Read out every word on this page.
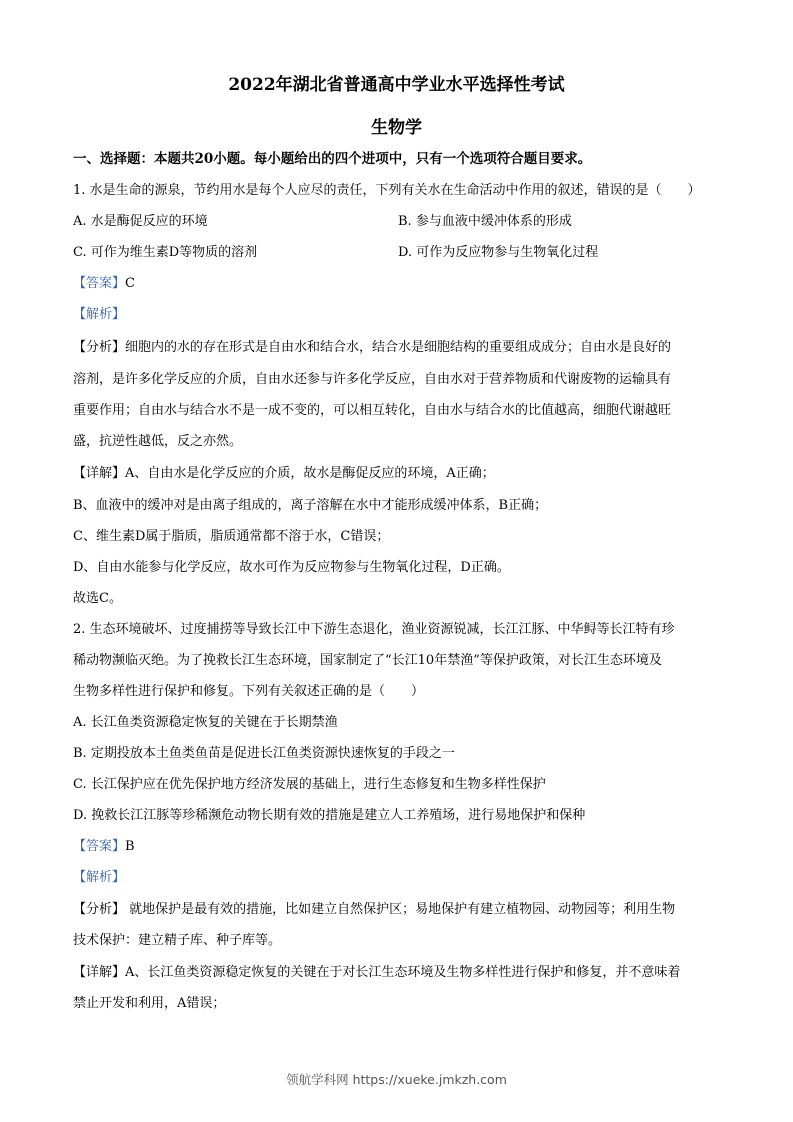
2022年湖北省普通高中学业水平选择性考试
生物学
一、选择题：本题共20小题。每小题给出的四个进项中，只有一个选项符合题目要求。
1. 水是生命的源泉，节约用水是每个人应尽的责任，下列有关水在生命活动中作用的叙述，错误的是（　　）
A. 水是酶促反应的环境	B. 参与血液中缓冲体系的形成
C. 可作为维生素D等物质的溶剂	D. 可作为反应物参与生物氧化过程
【答案】C
【解析】
【分析】细胞内的水的存在形式是自由水和结合水，结合水是细胞结构的重要组成成分；自由水是良好的
溶剂，是许多化学反应的介质，自由水还参与许多化学反应，自由水对于营养物质和代谢废物的运输具有
重要作用；自由水与结合水不是一成不变的，可以相互转化，自由水与结合水的比值越高，细胞代谢越旺
盛，抗逆性越低，反之亦然。
【详解】A、自由水是化学反应的介质，故水是酶促反应的环境，A正确；
B、血液中的缓冲对是由离子组成的，离子溶解在水中才能形成缓冲体系，B正确；
C、维生素D属于脂质，脂质通常都不溶于水，C错误；
D、自由水能参与化学反应，故水可作为反应物参与生物氧化过程，D正确。
故选C。
2. 生态环境破坏、过度捕捞等导致长江中下游生态退化，渔业资源锐减，长江江豚、中华鲟等长江特有珍
稀动物濒临灭绝。为了挽救长江生态环境，国家制定了“长江10年禁渔”等保护政策，对长江生态环境及
生物多样性进行保护和修复。下列有关叙述正确的是（　　）
A. 长江鱼类资源稳定恢复的关键在于长期禁渔
B. 定期投放本土鱼类鱼苗是促进长江鱼类资源快速恢复的手段之一
C. 长江保护应在优先保护地方经济发展的基础上，进行生态修复和生物多样性保护
D. 挽救长江江豚等珍稀濒危动物长期有效的措施是建立人工养殖场，进行易地保护和保种
【答案】B
【解析】
【分析】 就地保护是最有效的措施，比如建立自然保护区；易地保护有建立植物园、动物园等；利用生物
技术保护：建立精子库、种子库等。
【详解】A、长江鱼类资源稳定恢复的关键在于对长江生态环境及生物多样性进行保护和修复，并不意味着
禁止开发和利用，A错误；
领航学科网 https://xueke.jmkzh.com
